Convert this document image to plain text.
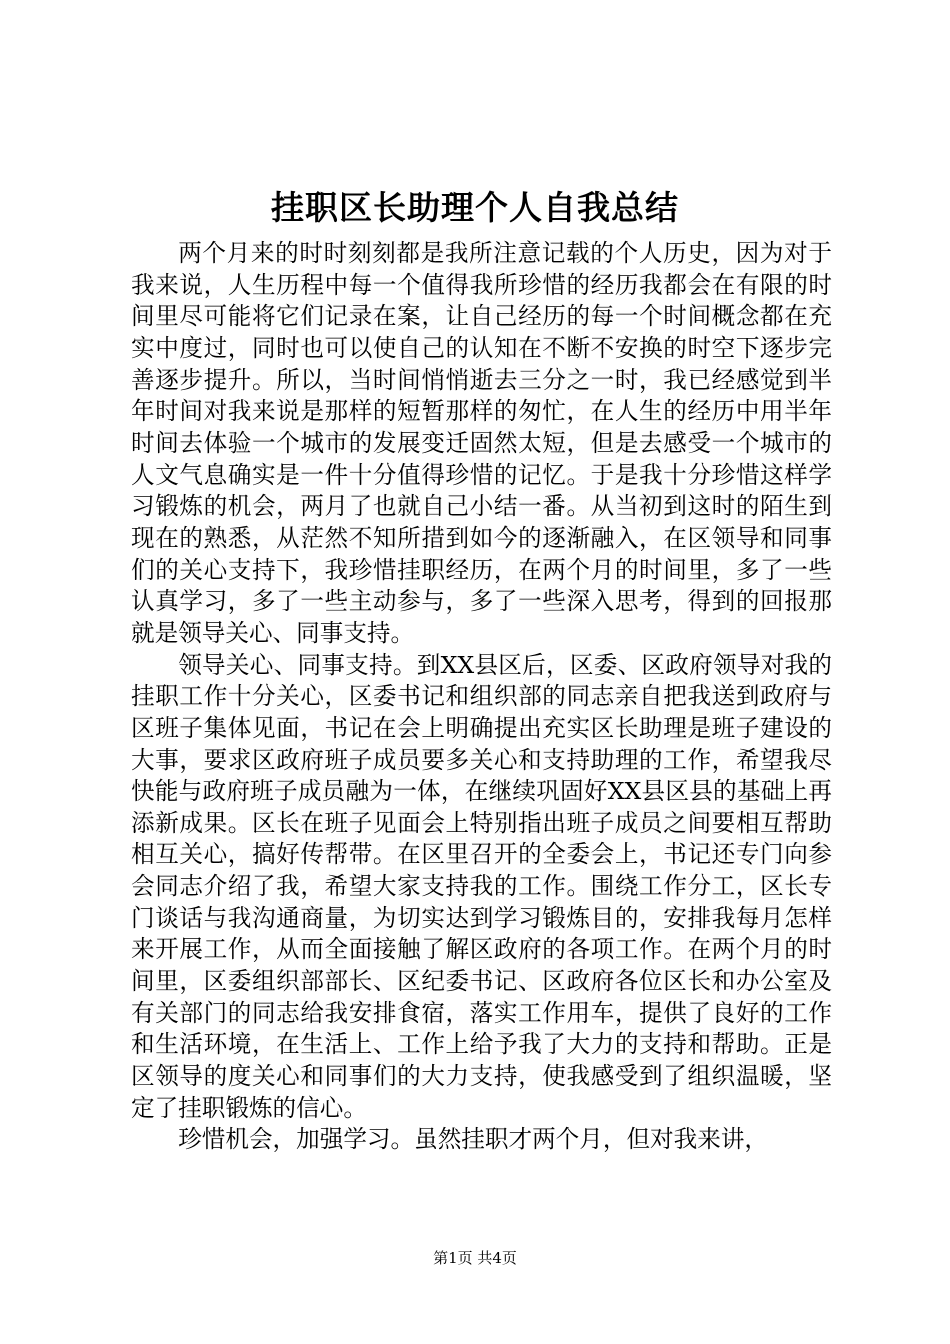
挂职区长助理个人自我总结

两个月来的时时刻刻都是我所注意记载的个人历史，因为对于我来说，人生历程中每一个值得我所珍惜的经历我都会在有限的时间里尽可能将它们记录在案，让自己经历的每一个时间概念都在充实中度过，同时也可以使自己的认知在不断不安换的时空下逐步完善逐步提升。所以，当时间悄悄逝去三分之一时，我已经感觉到半年时间对我来说是那样的短暂那样的匆忙，在人生的经历中用半年时间去体验一个城市的发展变迁固然太短，但是去感受一个城市的人文气息确实是一件十分值得珍惜的记忆。于是我十分珍惜这样学习锻炼的机会，两月了也就自己小结一番。从当初到这时的陌生到现在的熟悉，从茫然不知所措到如今的逐渐融入，在区领导和同事们的关心支持下，我珍惜挂职经历，在两个月的时间里，多了一些认真学习，多了一些主动参与，多了一些深入思考，得到的回报那就是领导关心、同事支持。

领导关心、同事支持。到XX县区后，区委、区政府领导对我的挂职工作十分关心，区委书记和组织部的同志亲自把我送到政府与区班子集体见面，书记在会上明确提出充实区长助理是班子建设的大事，要求区政府班子成员要多关心和支持助理的工作，希望我尽快能与政府班子成员融为一体，在继续巩固好XX县区县的基础上再添新成果。区长在班子见面会上特别指出班子成员之间要相互帮助相互关心，搞好传帮带。在区里召开的全委会上，书记还专门向参会同志介绍了我，希望大家支持我的工作。围绕工作分工，区长专门谈话与我沟通商量，为切实达到学习锻炼目的，安排我每月怎样来开展工作，从而全面接触了解区政府的各项工作。在两个月的时间里，区委组织部部长、区纪委书记、区政府各位区长和办公室及有关部门的同志给我安排食宿，落实工作用车，提供了良好的工作和生活环境，在生活上、工作上给予我了大力的支持和帮助。正是区领导的度关心和同事们的大力支持，使我感受到了组织温暖，坚定了挂职锻炼的信心。

珍惜机会，加强学习。虽然挂职才两个月，但对我来讲，

第1页 共4页
